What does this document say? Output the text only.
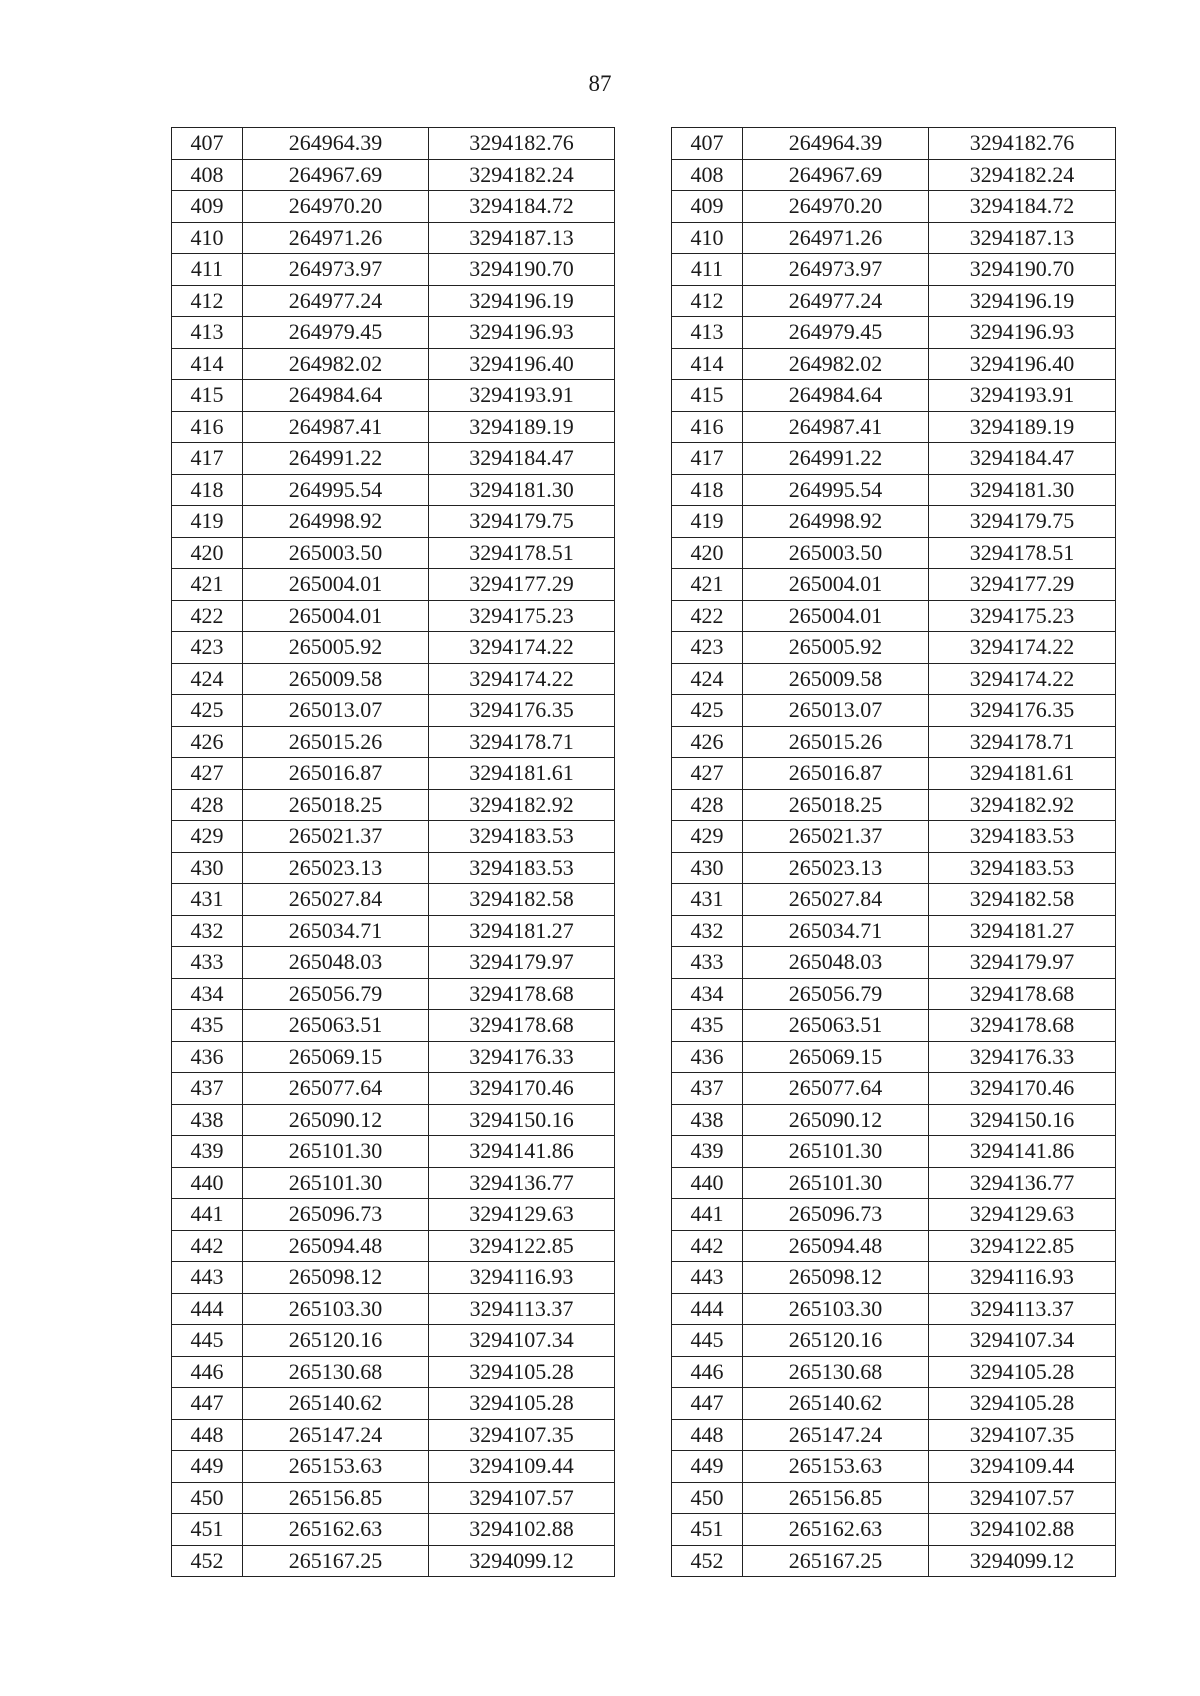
87
407	264964.39	3294182.76		407	264964.39	3294182.76
408	264967.69	3294182.24		408	264967.69	3294182.24
409	264970.20	3294184.72		409	264970.20	3294184.72
410	264971.26	3294187.13		410	264971.26	3294187.13
411	264973.97	3294190.70		411	264973.97	3294190.70
412	264977.24	3294196.19		412	264977.24	3294196.19
413	264979.45	3294196.93		413	264979.45	3294196.93
414	264982.02	3294196.40		414	264982.02	3294196.40
415	264984.64	3294193.91		415	264984.64	3294193.91
416	264987.41	3294189.19		416	264987.41	3294189.19
417	264991.22	3294184.47		417	264991.22	3294184.47
418	264995.54	3294181.30		418	264995.54	3294181.30
419	264998.92	3294179.75		419	264998.92	3294179.75
420	265003.50	3294178.51		420	265003.50	3294178.51
421	265004.01	3294177.29		421	265004.01	3294177.29
422	265004.01	3294175.23		422	265004.01	3294175.23
423	265005.92	3294174.22		423	265005.92	3294174.22
424	265009.58	3294174.22		424	265009.58	3294174.22
425	265013.07	3294176.35		425	265013.07	3294176.35
426	265015.26	3294178.71		426	265015.26	3294178.71
427	265016.87	3294181.61		427	265016.87	3294181.61
428	265018.25	3294182.92		428	265018.25	3294182.92
429	265021.37	3294183.53		429	265021.37	3294183.53
430	265023.13	3294183.53		430	265023.13	3294183.53
431	265027.84	3294182.58		431	265027.84	3294182.58
432	265034.71	3294181.27		432	265034.71	3294181.27
433	265048.03	3294179.97		433	265048.03	3294179.97
434	265056.79	3294178.68		434	265056.79	3294178.68
435	265063.51	3294178.68		435	265063.51	3294178.68
436	265069.15	3294176.33		436	265069.15	3294176.33
437	265077.64	3294170.46		437	265077.64	3294170.46
438	265090.12	3294150.16		438	265090.12	3294150.16
439	265101.30	3294141.86		439	265101.30	3294141.86
440	265101.30	3294136.77		440	265101.30	3294136.77
441	265096.73	3294129.63		441	265096.73	3294129.63
442	265094.48	3294122.85		442	265094.48	3294122.85
443	265098.12	3294116.93		443	265098.12	3294116.93
444	265103.30	3294113.37		444	265103.30	3294113.37
445	265120.16	3294107.34		445	265120.16	3294107.34
446	265130.68	3294105.28		446	265130.68	3294105.28
447	265140.62	3294105.28		447	265140.62	3294105.28
448	265147.24	3294107.35		448	265147.24	3294107.35
449	265153.63	3294109.44		449	265153.63	3294109.44
450	265156.85	3294107.57		450	265156.85	3294107.57
451	265162.63	3294102.88		451	265162.63	3294102.88
452	265167.25	3294099.12		452	265167.25	3294099.12
